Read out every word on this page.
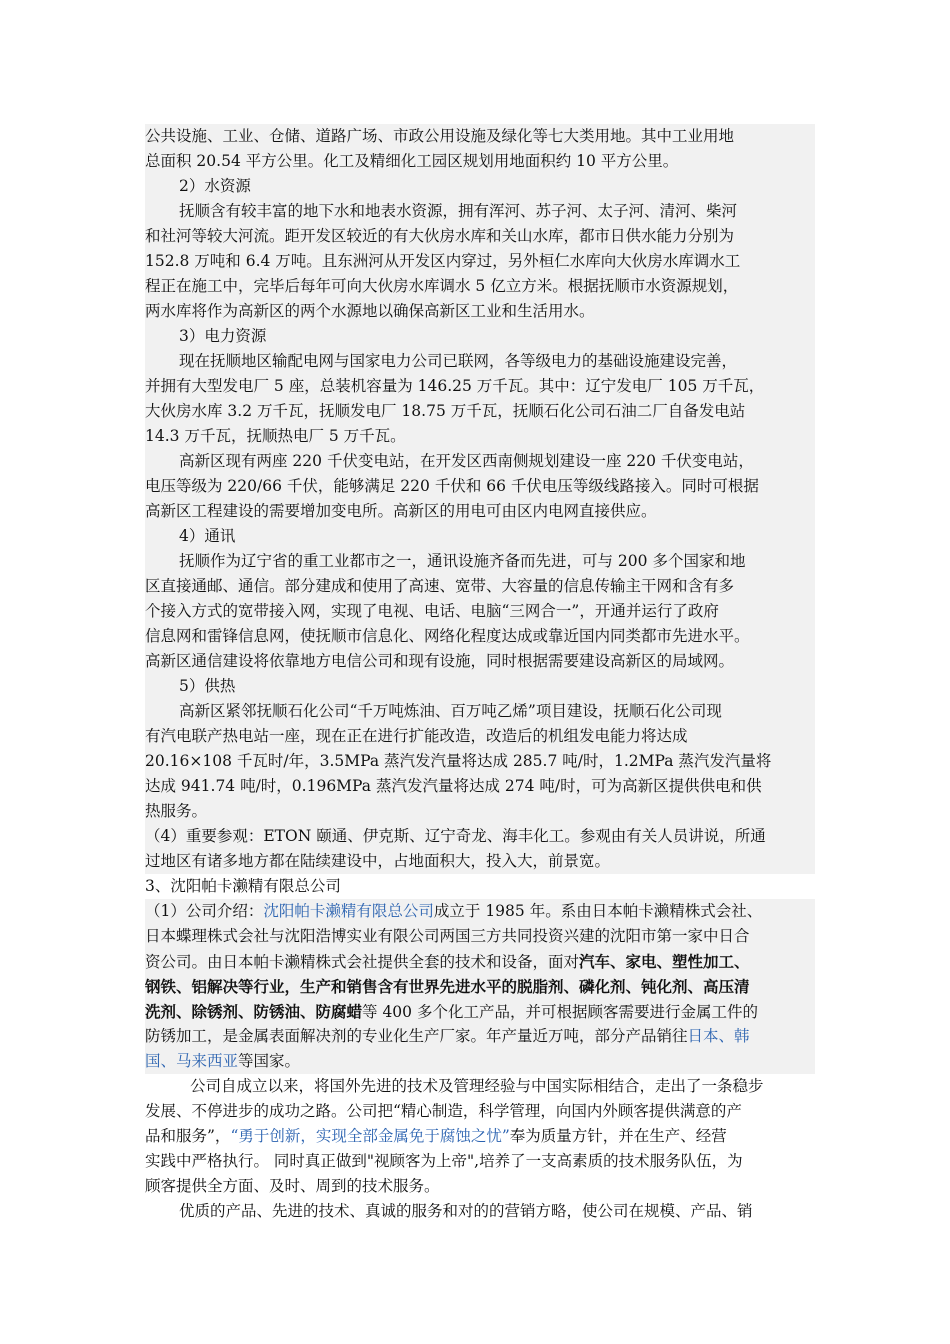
公共设施、工业、仓储、道路广场、市政公用设施及绿化等七大类用地。其中工业用地
总面积 20.54 平方公里。化工及精细化工园区规划用地面积约 10 平方公里。
2）水资源
抚顺含有较丰富的地下水和地表水资源，拥有浑河、苏子河、太子河、清河、柴河
和社河等较大河流。距开发区较近的有大伙房水库和关山水库，都市日供水能力分别为
152.8 万吨和 6.4 万吨。且东洲河从开发区内穿过，另外桓仁水库向大伙房水库调水工
程正在施工中，完毕后每年可向大伙房水库调水 5 亿立方米。根据抚顺市水资源规划，
两水库将作为高新区的两个水源地以确保高新区工业和生活用水。
3）电力资源
现在抚顺地区输配电网与国家电力公司已联网，各等级电力的基础设施建设完善，
并拥有大型发电厂 5 座，总装机容量为 146.25 万千瓦。其中：辽宁发电厂 105 万千瓦，
大伙房水库 3.2 万千瓦，抚顺发电厂 18.75 万千瓦，抚顺石化公司石油二厂自备发电站
14.3 万千瓦，抚顺热电厂 5 万千瓦。
高新区现有两座 220 千伏变电站，在开发区西南侧规划建设一座 220 千伏变电站，
电压等级为 220/66 千伏，能够满足 220 千伏和 66 千伏电压等级线路接入。同时可根据
高新区工程建设的需要增加变电所。高新区的用电可由区内电网直接供应。
4）通讯
抚顺作为辽宁省的重工业都市之一，通讯设施齐备而先进，可与 200 多个国家和地
区直接通邮、通信。部分建成和使用了高速、宽带、大容量的信息传输主干网和含有多
个接入方式的宽带接入网，实现了电视、电话、电脑“三网合一”，开通并运行了政府
信息网和雷锋信息网，使抚顺市信息化、网络化程度达成或靠近国内同类都市先进水平。
高新区通信建设将依靠地方电信公司和现有设施，同时根据需要建设高新区的局域网。
5）供热
高新区紧邻抚顺石化公司“千万吨炼油、百万吨乙烯”项目建设，抚顺石化公司现
有汽电联产热电站一座，现在正在进行扩能改造，改造后的机组发电能力将达成
20.16×108 千瓦时/年，3.5MPa 蒸汽发汽量将达成 285.7 吨/时，1.2MPa 蒸汽发汽量将
达成 941.74 吨/时，0.196MPa 蒸汽发汽量将达成 274 吨/时，可为高新区提供供电和供
热服务。
（4）重要参观：ETON 颐通、伊克斯、辽宁奇龙、海丰化工。参观由有关人员讲说，所通
过地区有诸多地方都在陆续建设中，占地面积大，投入大，前景宽。
3、沈阳帕卡濑精有限总公司
（1）公司介绍：沈阳帕卡濑精有限总公司成立于 1985 年。系由日本帕卡濑精株式会社、
日本蝶理株式会社与沈阳浩博实业有限公司两国三方共同投资兴建的沈阳市第一家中日合
资公司。由日本帕卡濑精株式会社提供全套的技术和设备，面对汽车、家电、塑性加工、
钢铁、铝解决等行业，生产和销售含有世界先进水平的脱脂剂、磷化剂、钝化剂、高压清
洗剂、除锈剂、防锈油、防腐蜡等 400 多个化工产品，并可根据顾客需要进行金属工件的
防锈加工，是金属表面解决剂的专业化生产厂家。年产量近万吨，部分产品销往日本、韩
国、马来西亚等国家。
公司自成立以来，将国外先进的技术及管理经验与中国实际相结合，走出了一条稳步
发展、不停进步的成功之路。公司把“精心制造，科学管理，向国内外顾客提供满意的产
品和服务”，“勇于创新，实现全部金属免于腐蚀之忧”奉为质量方针，并在生产、经营
实践中严格执行。 同时真正做到"视顾客为上帝",培养了一支高素质的技术服务队伍，为
顾客提供全方面、及时、周到的技术服务。
优质的产品、先进的技术、真诚的服务和对的的营销方略，使公司在规模、产品、销
